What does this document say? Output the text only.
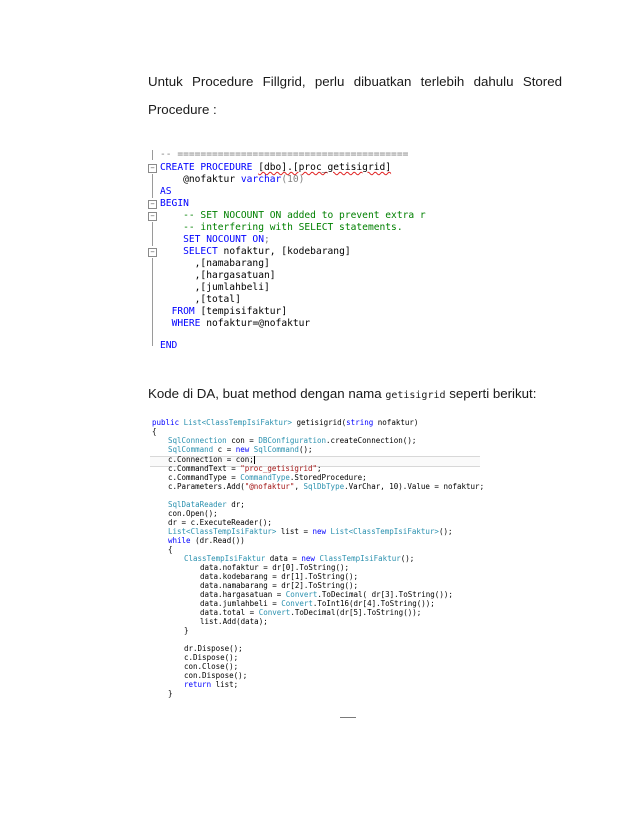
Untuk Procedure Fillgrid, perlu dibuatkan terlebih dahulu Stored
Procedure :
−
−
−
−
-- ========================================
CREATE PROCEDURE [dbo].[proc_getisigrid]
@nofaktur varchar(10)
AS
BEGIN
-- SET NOCOUNT ON added to prevent extra r
-- interfering with SELECT statements.
SET NOCOUNT ON;
SELECT nofaktur, [kodebarang]
,[namabarang]
,[hargasatuan]
,[jumlahbeli]
,[total]
FROM [tempisifaktur]
WHERE nofaktur=@nofaktur
END
Kode di DA, buat method dengan nama getisigrid seperti berikut:
public List<ClassTempIsiFaktur> getisigrid(string nofaktur)
{
SqlConnection con = DBConfiguration.createConnection();
SqlCommand c = new SqlCommand();
c.Connection = con;
c.CommandText = "proc_getisigrid";
c.CommandType = CommandType.StoredProcedure;
c.Parameters.Add("@nofaktur", SqlDbType.VarChar, 10).Value = nofaktur;
SqlDataReader dr;
con.Open();
dr = c.ExecuteReader();
List<ClassTempIsiFaktur> list = new List<ClassTempIsiFaktur>();
while (dr.Read())
{
ClassTempIsiFaktur data = new ClassTempIsiFaktur();
data.nofaktur = dr[0].ToString();
data.kodebarang = dr[1].ToString();
data.namabarang = dr[2].ToString();
data.hargasatuan = Convert.ToDecimal( dr[3].ToString());
data.jumlahbeli = Convert.ToInt16(dr[4].ToString());
data.total = Convert.ToDecimal(dr[5].ToString());
list.Add(data);
}
dr.Dispose();
c.Dispose();
con.Close();
con.Dispose();
return list;
}
